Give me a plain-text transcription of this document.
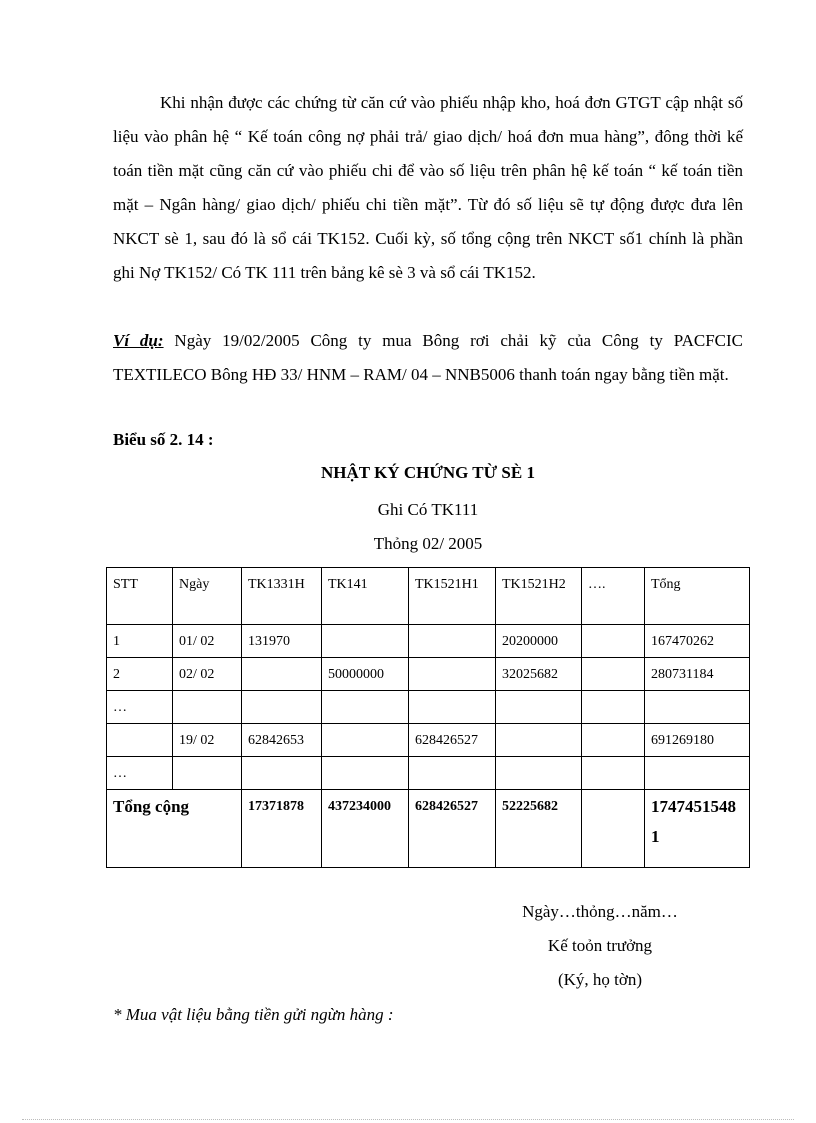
Khi nhận được các chứng từ căn cứ vào phiếu nhập kho, hoá đơn GTGT cập nhật số liệu vào phân hệ “ Kế toán công nợ phải trả/ giao dịch/ hoá đơn mua hàng”, đông thời kế toán tiền mặt cũng căn cứ vào phiếu chi để vào số liệu trên phân hệ kế toán “ kế toán tiền mặt – Ngân hàng/ giao dịch/ phiếu chi tiền mặt”. Từ đó số liệu sẽ tự động được đưa lên NKCT sè 1, sau đó là sổ cái TK152. Cuối kỳ, số tổng cộng trên NKCT số1 chính là phần ghi Nợ TK152/ Có TK 111 trên bảng kê sè 3 và sổ cái TK152.

Ví dụ: Ngày 19/02/2005 Công ty mua Bông rơi chải kỹ của Công ty PACFCIC TEXTILECO Bông HĐ 33/ HNM – RAM/ 04 – NNB5006 thanh toán ngay bằng tiền mặt.

Biểu số 2. 14 :
NHẬT KÝ CHỨNG TỪ SÈ 1
Ghi Có TK111
Thỏng 02/ 2005
STT	Ngày	TK1331H	TK141	TK1521H1	TK1521H2	….	Tổng
1	01/ 02	131970			20200000		167470262
2	02/ 02		50000000		32025682		280731184
…							
	19/ 02	62842653		628426527			691269180
…							
Tổng cộng		17371878	437234000	628426527	52225682		17474515481
Ngày…thỏng…năm…
Kế toỏn trưởng
(Ký, họ tờn)
* Mua vật liệu bằng tiền gửi ngừn hàng :
